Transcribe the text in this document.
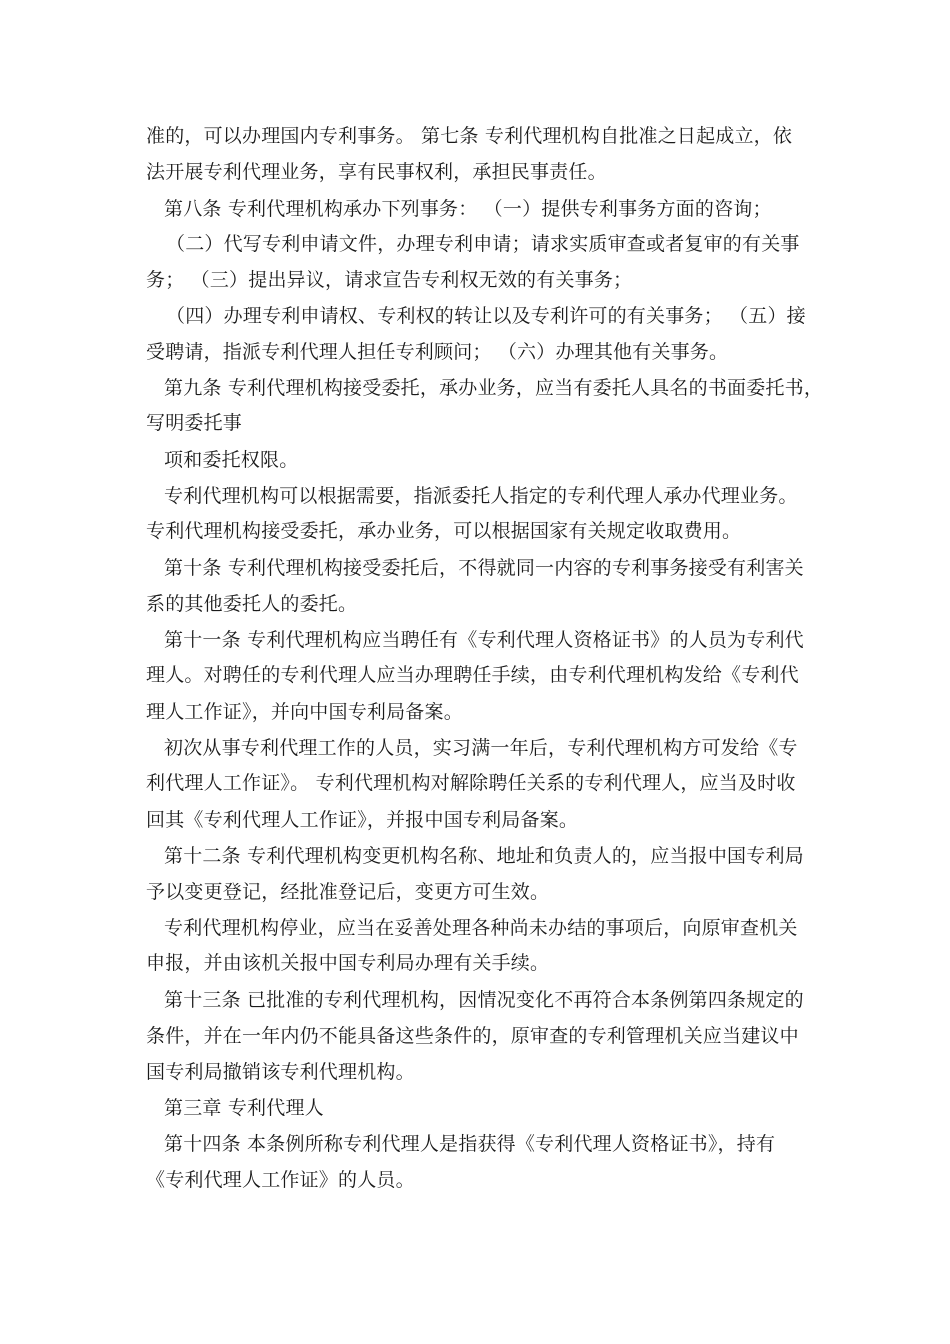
准的，可以办理国内专利事务。 第七条 专利代理机构自批准之日起成立，依
法开展专利代理业务，享有民事权利，承担民事责任。
第八条 专利代理机构承办下列事务： （一）提供专利事务方面的咨询；
（二）代写专利申请文件，办理专利申请；请求实质审查或者复审的有关事
务； （三）提出异议，请求宣告专利权无效的有关事务；
（四）办理专利申请权、专利权的转让以及专利许可的有关事务； （五）接
受聘请，指派专利代理人担任专利顾问； （六）办理其他有关事务。
第九条 专利代理机构接受委托，承办业务，应当有委托人具名的书面委托书，
写明委托事
项和委托权限。
专利代理机构可以根据需要，指派委托人指定的专利代理人承办代理业务。
专利代理机构接受委托，承办业务，可以根据国家有关规定收取费用。
第十条 专利代理机构接受委托后，不得就同一内容的专利事务接受有利害关
系的其他委托人的委托。
第十一条 专利代理机构应当聘任有《专利代理人资格证书》的人员为专利代
理人。对聘任的专利代理人应当办理聘任手续，由专利代理机构发给《专利代
理人工作证》，并向中国专利局备案。
初次从事专利代理工作的人员，实习满一年后，专利代理机构方可发给《专
利代理人工作证》。 专利代理机构对解除聘任关系的专利代理人，应当及时收
回其《专利代理人工作证》，并报中国专利局备案。
第十二条 专利代理机构变更机构名称、地址和负责人的，应当报中国专利局
予以变更登记，经批准登记后，变更方可生效。
专利代理机构停业，应当在妥善处理各种尚未办结的事项后，向原审查机关
申报，并由该机关报中国专利局办理有关手续。
第十三条 已批准的专利代理机构，因情况变化不再符合本条例第四条规定的
条件，并在一年内仍不能具备这些条件的，原审查的专利管理机关应当建议中
国专利局撤销该专利代理机构。
第三章 专利代理人
第十四条 本条例所称专利代理人是指获得《专利代理人资格证书》，持有
《专利代理人工作证》的人员。
